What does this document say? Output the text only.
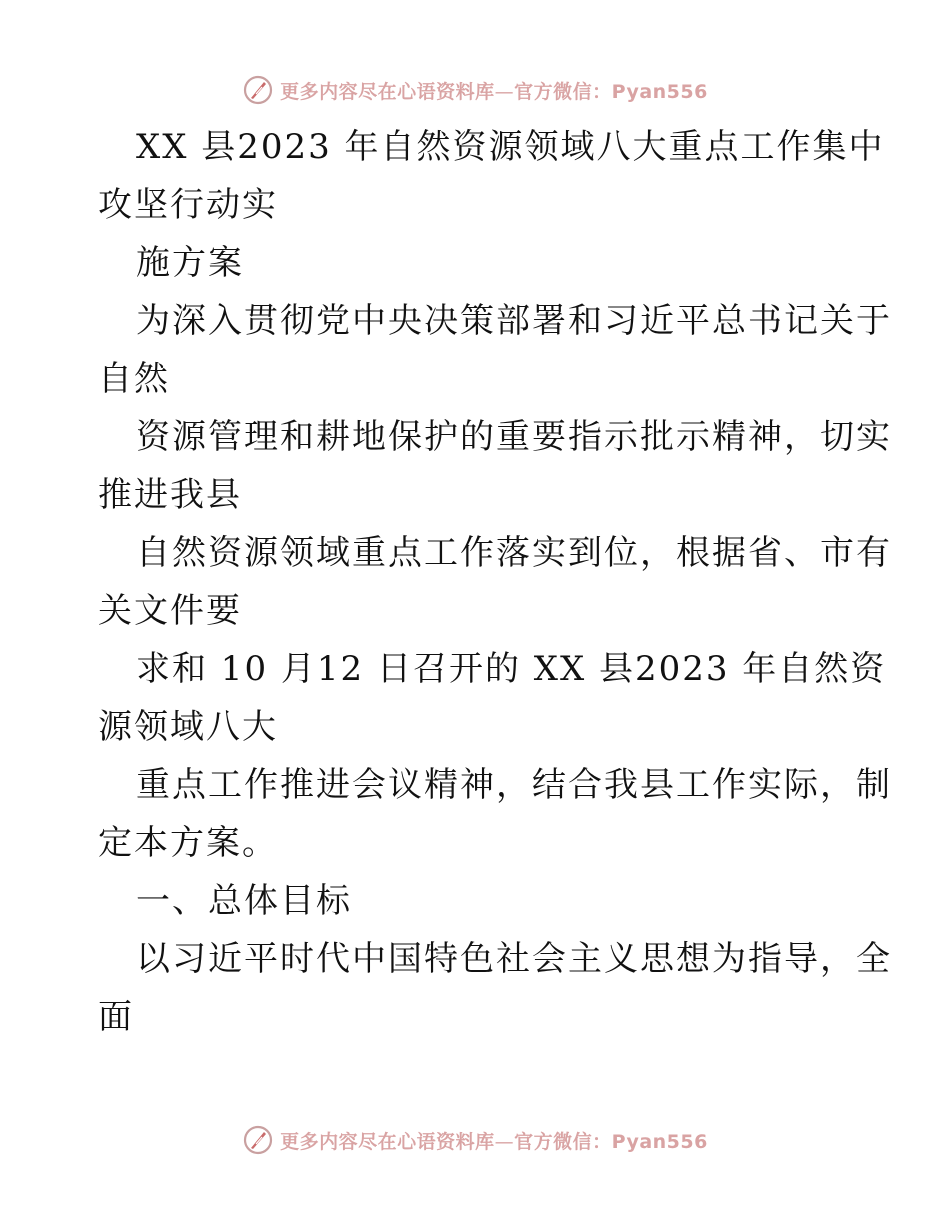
更多内容尽在心语资料库—官方微信：Pyan556
XX 县2023 年自然资源领域八大重点工作集中
攻坚行动实
施方案
为深入贯彻党中央决策部署和习近平总书记关于
自然
资源管理和耕地保护的重要指示批示精神，切实
推进我县
自然资源领域重点工作落实到位，根据省、市有
关文件要
求和 10 月12 日召开的 XX 县2023 年自然资
源领域八大
重点工作推进会议精神，结合我县工作实际，制
定本方案。
一、总体目标
以习近平时代中国特色社会主义思想为指导，全
面
更多内容尽在心语资料库—官方微信：Pyan556
